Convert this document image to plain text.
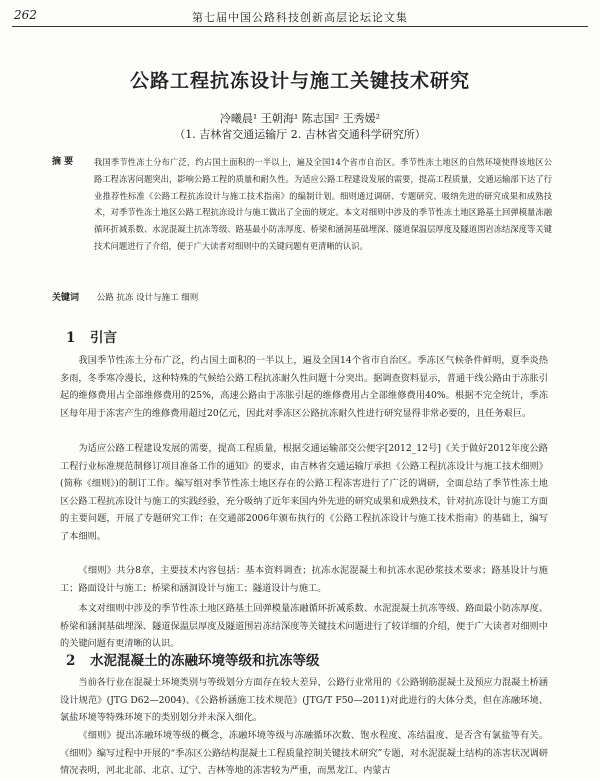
262	第七届中国公路科技创新高层论坛论文集
公路工程抗冻设计与施工关键技术研究
冷曦晨¹ 王朝海¹ 陈志国² 王秀媛²
（1. 吉林省交通运输厅 2. 吉林省交通科学研究所）
摘 要	我国季节性冻土分布广泛，约占国土面积的一半以上，遍及全国14个省市自治区。季节性冻土地区的自然环境使得该地区公路工程冻害问题突出，影响公路工程的质量和耐久性。为适应公路工程建设发展的需要，提高工程质量，交通运输部下达了行业推荐性标准《公路工程抗冻设计与施工技术指南》的编制计划。细则通过调研、专题研究、吸纳先进的研究成果和成熟技术，对季节性冻土地区公路工程抗冻设计与施工做出了全面的规定。本文对细则中涉及的季节性冻土地区路基土回弹模量冻融循环折减系数、水泥混凝土抗冻等级、路基最小防冻厚度、桥梁和涵洞基础埋深、隧道保温层厚度及隧道围岩冻结深度等关键技术问题进行了介绍，便于广大读者对细则中的关键问题有更清晰的认识。
关键词 公路 抗冻 设计与施工 细则
1 引言
我国季节性冻土分布广泛，约占国土面积的一半以上，遍及全国14个省市自治区。季冻区气候条件鲜明，夏季炎热多雨，冬季寒冷漫长，这种特殊的气候给公路工程抗冻耐久性问题十分突出。据调查资料显示，普通干线公路由于冻胀引起的维修费用占全部维修费用的25%，高速公路由于冻胀引起的维修费用占全部维修费用40%。根据不完全统计，季冻区每年用于冻害产生的维修费用超过20亿元，因此对季冻区公路抗冻耐久性进行研究显得非常必要的，且任务艰巨。
为适应公路工程建设发展的需要，提高工程质量，根据交通运输部交公便字[2012_12号]《关于做好2012年度公路工程行业标准规范制修订项目准备工作的通知》的要求，由吉林省交通运输厅承担《公路工程抗冻设计与施工技术细则》(简称《细则》)的制订工作。编写组对季节性冻土地区存在的公路工程冻害进行了广泛的调研，全面总结了季节性冻土地区公路工程抗冻设计与施工的实践经验，充分吸纳了近年来国内外先进的研究成果和成熟技术，针对抗冻设计与施工方面的主要问题，开展了专题研究工作；在交通部2006年颁布执行的《公路工程抗冻设计与施工技术指南》的基础上，编写了本细则。
《细则》共分8章，主要技术内容包括：基本资料调查；抗冻水泥混凝土和抗冻水泥砂浆技术要求；路基设计与施工；路面设计与施工；桥梁和涵洞设计与施工；隧道设计与施工。
本文对细则中涉及的季节性冻土地区路基土回弹模量冻融循环折减系数、水泥混凝土抗冻等级、路面最小防冻厚度、桥梁和涵洞基础埋深、隧道保温层厚度及隧道围岩冻结深度等关键技术问题进行了较详细的介绍，便于广大读者对细则中的关键问题有更清晰的认识。
2 水泥混凝土的冻融环境等级和抗冻等级
当前各行业在混凝土环境类别与等级划分方面存在较大差异，公路行业常用的《公路钢筋混凝土及预应力混凝土桥涵设计规范》(JTG D62—2004)、《公路桥涵施工技术规范》(JTG/T F50—2011)对此进行的大体分类，但在冻融环境、氯盐环境等特殊环境下的类别划分并未深入细化。
《细则》提出冻融环境等级的概念，冻融环境等级与冻融循环次数、饱水程度、冻结温度、是否含有氯盐等有关。《细则》编写过程中开展的“季冻区公路结构混凝土工程质量控制关键技术研究”专题，对水泥混凝土结构的冻害状况调研情况表明，河北北部、北京、辽宁、吉林等地的冻害较为严重，而黑龙江、内蒙古
